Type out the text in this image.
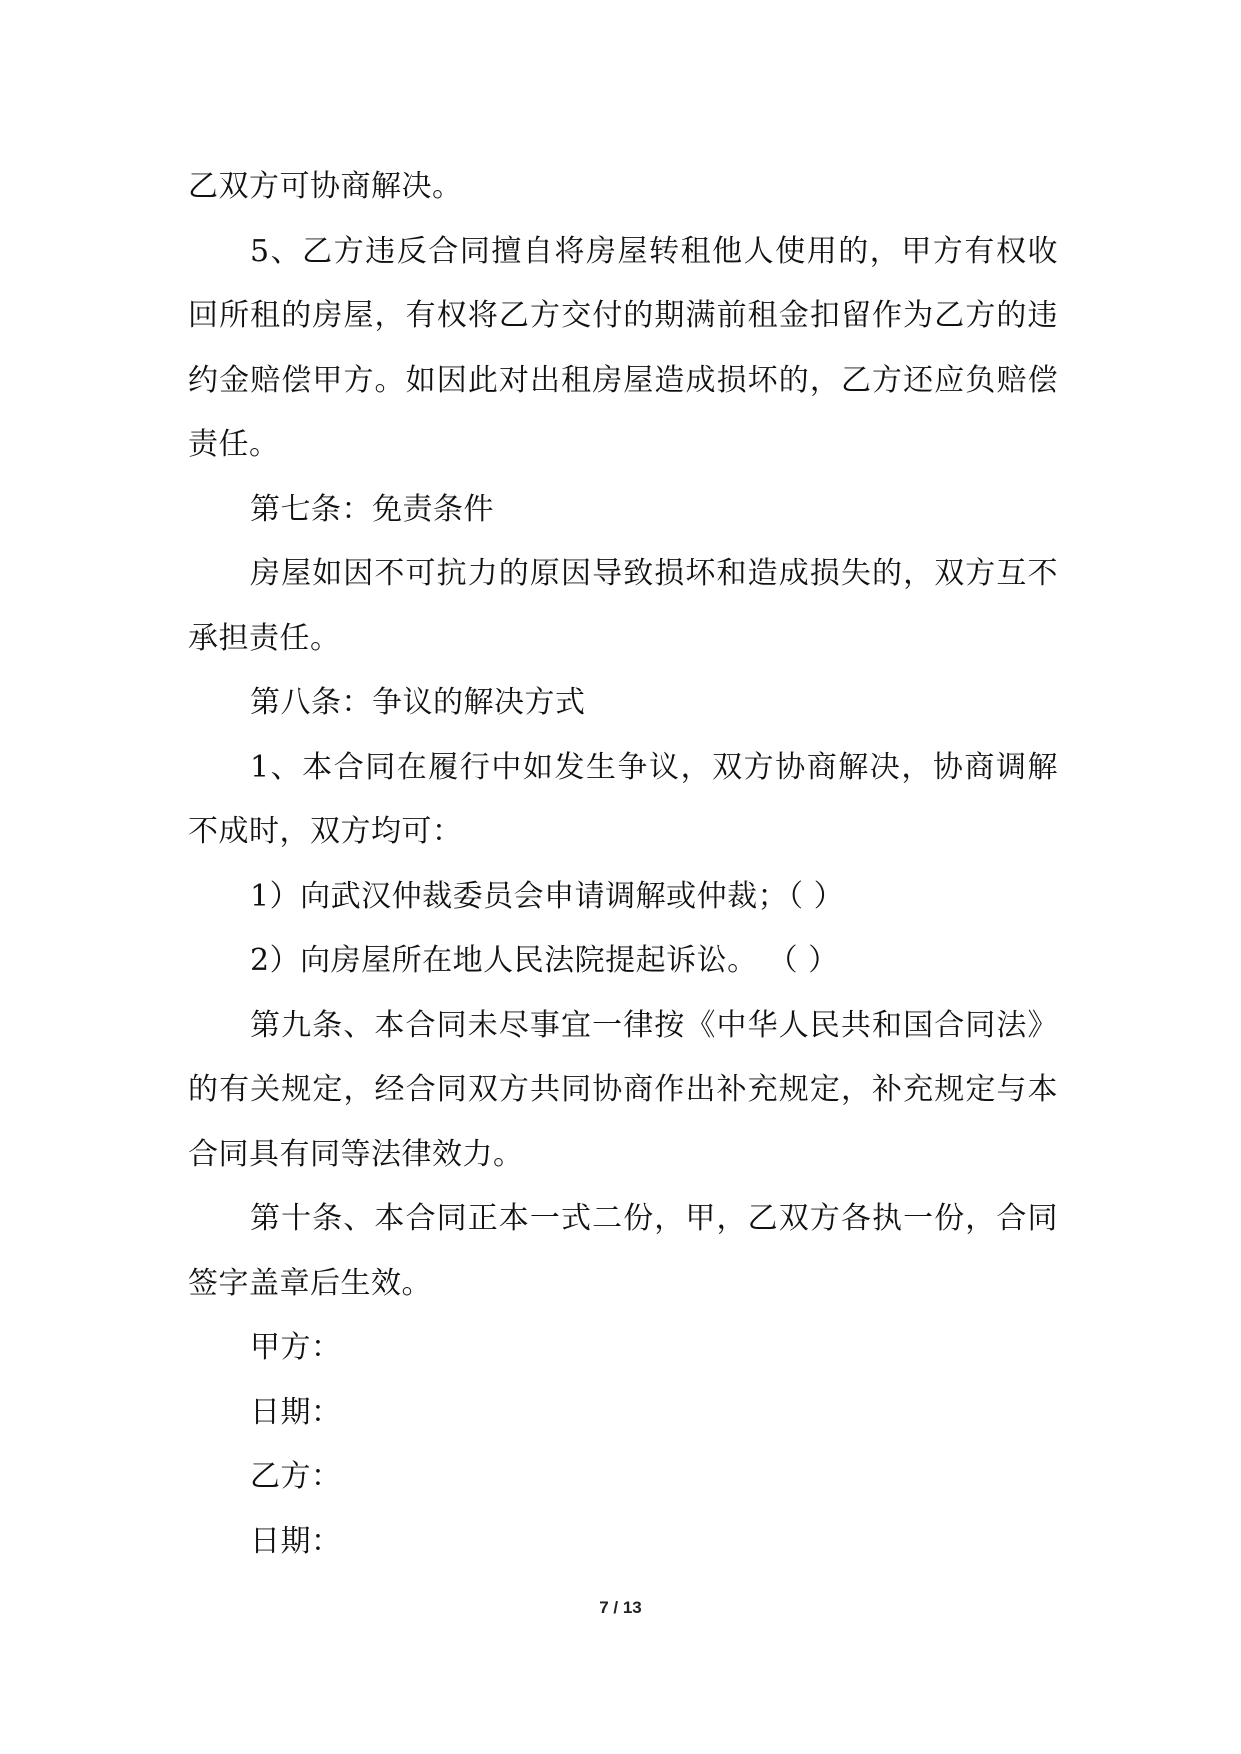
乙双方可协商解决。

5、乙方违反合同擅自将房屋转租他人使用的，甲方有权收回所租的房屋，有权将乙方交付的期满前租金扣留作为乙方的违约金赔偿甲方。如因此对出租房屋造成损坏的，乙方还应负赔偿责任。

第七条：免责条件

房屋如因不可抗力的原因导致损坏和造成损失的，双方互不承担责任。

第八条：争议的解决方式

1、本合同在履行中如发生争议，双方协商解决，协商调解不成时，双方均可：

1）向武汉仲裁委员会申请调解或仲裁；（ ）

2）向房屋所在地人民法院提起诉讼。 （ ）

第九条、本合同未尽事宜一律按《中华人民共和国合同法》的有关规定，经合同双方共同协商作出补充规定，补充规定与本合同具有同等法律效力。

第十条、本合同正本一式二份，甲，乙双方各执一份，合同签字盖章后生效。

甲方：

日期：

乙方：

日期：

7 / 13
